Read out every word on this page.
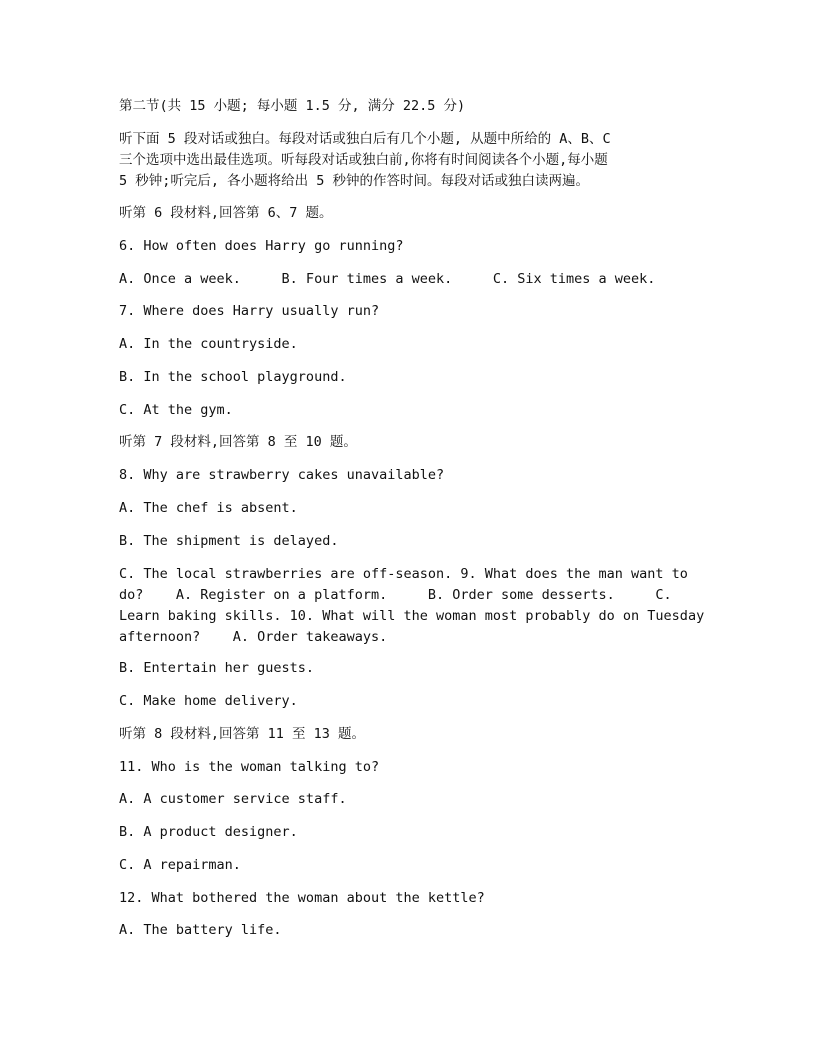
第二节(共 15 小题; 每小题 1.5 分, 满分 22.5 分)

听下面 5 段对话或独白。每段对话或独白后有几个小题, 从题中所给的 A、B、C
三个选项中选出最佳选项。听每段对话或独白前,你将有时间阅读各个小题,每小题
5 秒钟;听完后, 各小题将给出 5 秒钟的作答时间。每段对话或独白读两遍。

听第 6 段材料,回答第 6、7 题。

6. How often does Harry go running?

A. Once a week.     B. Four times a week.     C. Six times a week.

7. Where does Harry usually run?

A. In the countryside.

B. In the school playground.

C. At the gym.

听第 7 段材料,回答第 8 至 10 题。

8. Why are strawberry cakes unavailable?

A. The chef is absent.

B. The shipment is delayed.

C. The local strawberries are off-season. 9. What does the man want to
do?    A. Register on a platform.     B. Order some desserts.     C.
Learn baking skills. 10. What will the woman most probably do on Tuesday
afternoon?    A. Order takeaways.

B. Entertain her guests.

C. Make home delivery.

听第 8 段材料,回答第 11 至 13 题。

11. Who is the woman talking to?

A. A customer service staff.

B. A product designer.

C. A repairman.

12. What bothered the woman about the kettle?

A. The battery life.
